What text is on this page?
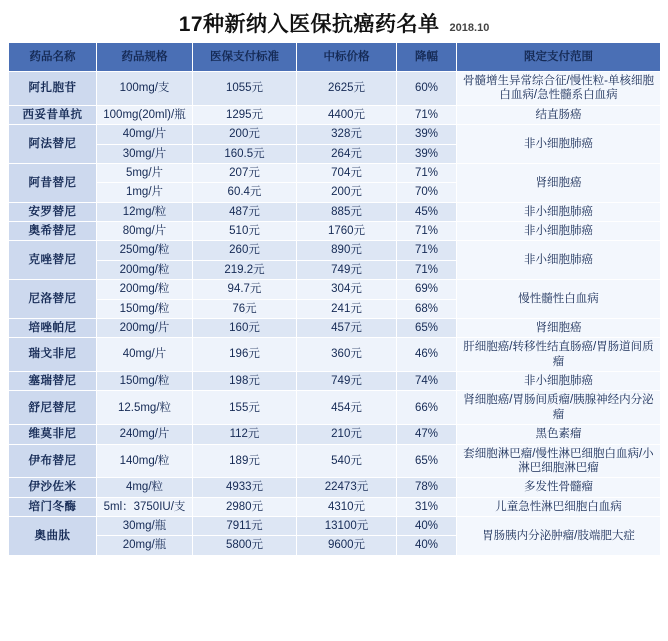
17种新纳入医保抗癌药名单 2018.10
药品名称	药品规格	医保支付标准	中标价格	降幅	限定支付范围
阿扎胞苷	100mg/支	1055元	2625元	60%	骨髓增生异常综合征/慢性粒-单核细胞白血病/急性髓系白血病
西妥昔单抗	100mg(20ml)/瓶	1295元	4400元	71%	结直肠癌
阿法替尼	40mg/片	200元	328元	39%	非小细胞肺癌
	30mg/片	160.5元	264元	39%	
阿昔替尼	5mg/片	207元	704元	71%	肾细胞癌
	1mg/片	60.4元	200元	70%	
安罗替尼	12mg/粒	487元	885元	45%	非小细胞肺癌
奥希替尼	80mg/片	510元	1760元	71%	非小细胞肺癌
克唑替尼	250mg/粒	260元	890元	71%	非小细胞肺癌
	200mg/粒	219.2元	749元	71%	
尼洛替尼	200mg/粒	94.7元	304元	69%	慢性髓性白血病
	150mg/粒	76元	241元	68%	
培唑帕尼	200mg/片	160元	457元	65%	肾细胞癌
瑞戈非尼	40mg/片	196元	360元	46%	肝细胞癌/转移性结直肠癌/胃肠道间质瘤
塞瑞替尼	150mg/粒	198元	749元	74%	非小细胞肺癌
舒尼替尼	12.5mg/粒	155元	454元	66%	肾细胞癌/胃肠间质瘤/胰腺神经内分泌瘤
维莫非尼	240mg/片	112元	210元	47%	黑色素瘤
伊布替尼	140mg/粒	189元	540元	65%	套细胞淋巴瘤/慢性淋巴细胞白血病/小淋巴细胞淋巴瘤
伊沙佐米	4mg/粒	4933元	22473元	78%	多发性骨髓瘤
培门冬酶	5ml：3750IU/支	2980元	4310元	31%	儿童急性淋巴细胞白血病
奥曲肽	30mg/瓶	7911元	13100元	40%	胃肠胰内分泌肿瘤/肢端肥大症
	20mg/瓶	5800元	9600元	40%	
